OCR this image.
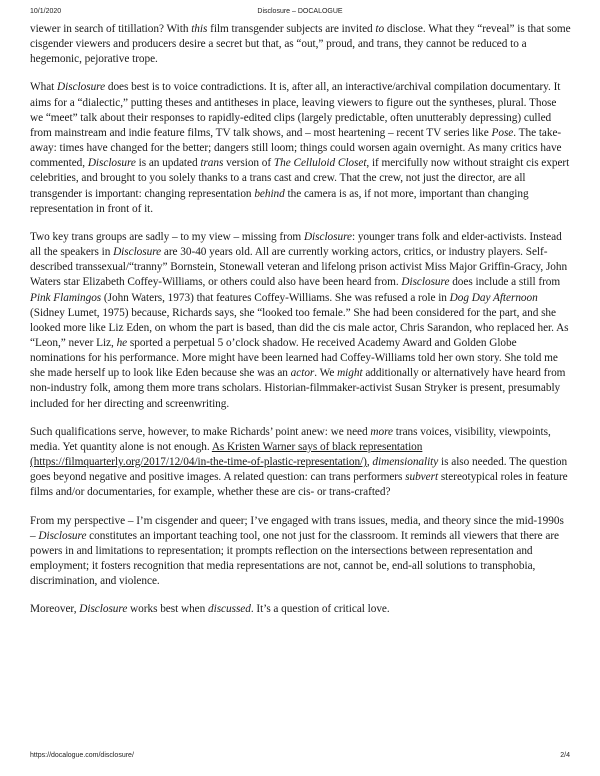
10/1/2020	Disclosure – DOCALOGUE

viewer in search of titillation? With this film transgender subjects are invited to disclose. What they “reveal” is that some cisgender viewers and producers desire a secret but that, as “out,” proud, and trans, they cannot be reduced to a hegemonic, pejorative trope.

What Disclosure does best is to voice contradictions. It is, after all, an interactive/archival compilation documentary. It aims for a “dialectic,” putting theses and antitheses in place, leaving viewers to figure out the syntheses, plural. Those we “meet” talk about their responses to rapidly-edited clips (largely predictable, often unutterably depressing) culled from mainstream and indie feature films, TV talk shows, and – most heartening – recent TV series like Pose. The take-away: times have changed for the better; dangers still loom; things could worsen again overnight. As many critics have commented, Disclosure is an updated trans version of The Celluloid Closet, if mercifully now without straight cis expert celebrities, and brought to you solely thanks to a trans cast and crew. That the crew, not just the director, are all transgender is important: changing representation behind the camera is as, if not more, important than changing representation in front of it.

Two key trans groups are sadly – to my view – missing from Disclosure: younger trans folk and elder-activists. Instead all the speakers in Disclosure are 30-40 years old. All are currently working actors, critics, or industry players. Self-described transsexual/“tranny” Bornstein, Stonewall veteran and lifelong prison activist Miss Major Griffin-Gracy, John Waters star Elizabeth Coffey-Williams, or others could also have been heard from. Disclosure does include a still from Pink Flamingos (John Waters, 1973) that features Coffey-Williams. She was refused a role in Dog Day Afternoon (Sidney Lumet, 1975) because, Richards says, she “looked too female.” She had been considered for the part, and she looked more like Liz Eden, on whom the part is based, than did the cis male actor, Chris Sarandon, who replaced her. As “Leon,” never Liz, he sported a perpetual 5 o’clock shadow. He received Academy Award and Golden Globe nominations for his performance. More might have been learned had Coffey-Williams told her own story. She told me she made herself up to look like Eden because she was an actor. We might additionally or alternatively have heard from non-industry folk, among them more trans scholars. Historian-filmmaker-activist Susan Stryker is present, presumably included for her directing and screenwriting.

Such qualifications serve, however, to make Richards’ point anew: we need more trans voices, visibility, viewpoints, media. Yet quantity alone is not enough. As Kristen Warner says of black representation (https://filmquarterly.org/2017/12/04/in-the-time-of-plastic-representation/), dimensionality is also needed. The question goes beyond negative and positive images. A related question: can trans performers subvert stereotypical roles in feature films and/or documentaries, for example, whether these are cis- or trans-crafted?

From my perspective – I’m cisgender and queer; I’ve engaged with trans issues, media, and theory since the mid-1990s – Disclosure constitutes an important teaching tool, one not just for the classroom. It reminds all viewers that there are powers in and limitations to representation; it prompts reflection on the intersections between representation and employment; it fosters recognition that media representations are not, cannot be, end-all solutions to transphobia, discrimination, and violence.

Moreover, Disclosure works best when discussed. It’s a question of critical love.

https://docalogue.com/disclosure/	2/4
